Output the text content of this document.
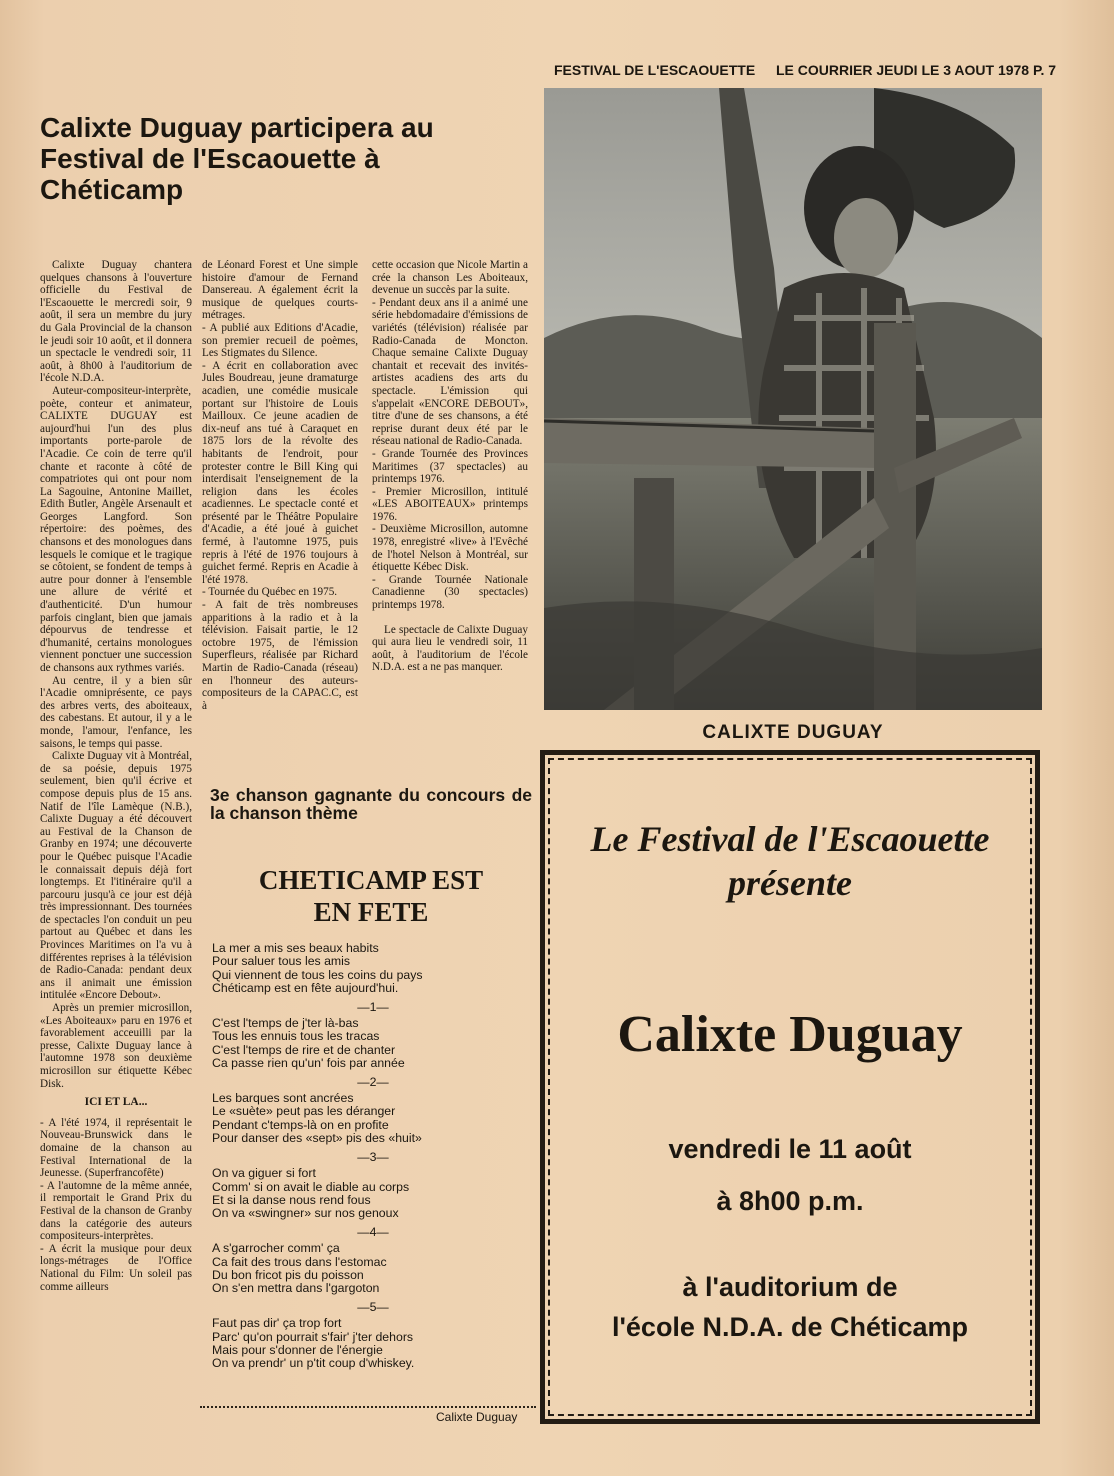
FESTIVAL DE L'ESCAOUETTE LE COURRIER JEUDI LE 3 AOUT 1978 P. 7
Calixte Duguay participera au Festival de l'Escaouette à Chéticamp

Calixte Duguay chantera quelques chansons à l'ouverture officielle du Festival de l'Escaouette le mercredi soir, 9 août, il sera un membre du jury du Gala Provincial de la chanson le jeudi soir 10 août, et il donnera un spectacle le vendredi soir, 11 août, à 8h00 à l'auditorium de l'école N.D.A.

Auteur-compositeur-interprète, poète, conteur et animateur, CALIXTE DUGUAY est aujourd'hui l'un des plus importants porte-parole de l'Acadie. Ce coin de terre qu'il chante et raconte à côté de compatriotes qui ont pour nom La Sagouine, Antonine Maillet, Edith Butler, Angèle Arsenault et Georges Langford. Son répertoire: des poèmes, des chansons et des monologues dans lesquels le comique et le tragique se côtoient, se fondent de temps à autre pour donner à l'ensemble une allure de vérité et d'authenticité. D'un humour parfois cinglant, bien que jamais dépourvus de tendresse et d'humanité, certains monologues viennent ponctuer une succession de chansons aux rythmes variés.

Au centre, il y a bien sûr l'Acadie omniprésente, ce pays des arbres verts, des aboiteaux, des cabestans. Et autour, il y a le monde, l'amour, l'enfance, les saisons, le temps qui passe.

Calixte Duguay vit à Montréal, de sa poésie, depuis 1975 seulement, bien qu'il écrive et compose depuis plus de 15 ans. Natif de l'île Lamèque (N.B.), Calixte Duguay a été découvert au Festival de la Chanson de Granby en 1974; une découverte pour le Québec puisque l'Acadie le connaissait depuis déjà fort longtemps. Et l'itinéraire qu'il a parcouru jusqu'à ce jour est déjà très impressionnant. Des tournées de spectacles l'on conduit un peu partout au Québec et dans les Provinces Maritimes on l'a vu à différentes reprises à la télévision de Radio-Canada: pendant deux ans il animait une émission intitulée «Encore Debout».

Après un premier microsillon, «Les Aboiteaux» paru en 1976 et favorablement acceuilli par la presse, Calixte Duguay lance à l'automne 1978 son deuxième microsillon sur étiquette Kébec Disk.

ICI ET LA...

- A l'été 1974, il représentait le Nouveau-Brunswick dans le domaine de la chanson au Festival International de la Jeunesse. (Superfrancofête)

- A l'automne de la même année, il remportait le Grand Prix du Festival de la chanson de Granby dans la catégorie des auteurs compositeurs-interprètes.

- A écrit la musique pour deux longs-métrages de l'Office National du Film: Un soleil pas comme ailleurs

de Léonard Forest et Une simple histoire d'amour de Fernand Dansereau. A également écrit la musique de quelques courts-métrages.

- A publié aux Editions d'Acadie, son premier recueil de poèmes, Les Stigmates du Silence.

- A écrit en collaboration avec Jules Boudreau, jeune dramaturge acadien, une comédie musicale portant sur l'histoire de Louis Mailloux. Ce jeune acadien de dix-neuf ans tué à Caraquet en 1875 lors de la révolte des habitants de l'endroit, pour protester contre le Bill King qui interdisait l'enseignement de la religion dans les écoles acadiennes. Le spectacle conté et présenté par le Théâtre Populaire d'Acadie, a été joué à guichet fermé, à l'automne 1975, puis repris à l'été de 1976 toujours à guichet fermé. Repris en Acadie à l'été 1978.

- Tournée du Québec en 1975.

- A fait de très nombreuses apparitions à la radio et à la télévision. Faisait partie, le 12 octobre 1975, de l'émission Superfleurs, réalisée par Richard Martin de Radio-Canada (réseau) en l'honneur des auteurs-compositeurs de la CAPAC.C, est à

cette occasion que Nicole Martin a crée la chanson Les Aboiteaux, devenue un succès par la suite.

- Pendant deux ans il a animé une série hebdomadaire d'émissions de variétés (télévision) réalisée par Radio-Canada de Moncton. Chaque semaine Calixte Duguay chantait et recevait des invités-artistes acadiens des arts du spectacle. L'émission qui s'appelait «ENCORE DEBOUT», titre d'une de ses chansons, a été reprise durant deux été par le réseau national de Radio-Canada.

- Grande Tournée des Provinces Maritimes (37 spectacles) au printemps 1976.

- Premier Microsillon, intitulé «LES ABOITEAUX» printemps 1976.

- Deuxième Microsillon, automne 1978, enregistré «live» à l'Evêché de l'hotel Nelson à Montréal, sur étiquette Kébec Disk.

- Grande Tournée Nationale Canadienne (30 spectacles) printemps 1978.

Le spectacle de Calixte Duguay qui aura lieu le vendredi soir, 11 août, à l'auditorium de l'école N.D.A. est a ne pas manquer.

CALIXTE DUGUAY
3e chanson gagnante du concours de la chanson thème
CHETICAMP EST
EN FETE
La mer a mis ses beaux habits
Pour saluer tous les amis
Qui viennent de tous les coins du pays
Chéticamp est en fête aujourd'hui.
—1—
C'est l'temps de j'ter là-bas
Tous les ennuis tous les tracas
C'est l'temps de rire et de chanter
Ca passe rien qu'un' fois par année
—2—
Les barques sont ancrées
Le «suète» peut pas les déranger
Pendant c'temps-là on en profite
Pour danser des «sept» pis des «huit»
—3—
On va giguer si fort
Comm' si on avait le diable au corps
Et si la danse nous rend fous
On va «swingner» sur nos genoux
—4—
A s'garrocher comm' ça
Ca fait des trous dans l'estomac
Du bon fricot pis du poisson
On s'en mettra dans l'gargoton
—5—
Faut pas dir' ça trop fort
Parc' qu'on pourrait s'fair' j'ter dehors
Mais pour s'donner de l'énergie
On va prendr' un p'tit coup d'whiskey.
Calixte Duguay
Le Festival de l'Escaouette
présente
Calixte Duguay
vendredi le 11 août
à 8h00 p.m.
à l'auditorium de
l'école N.D.A. de Chéticamp
